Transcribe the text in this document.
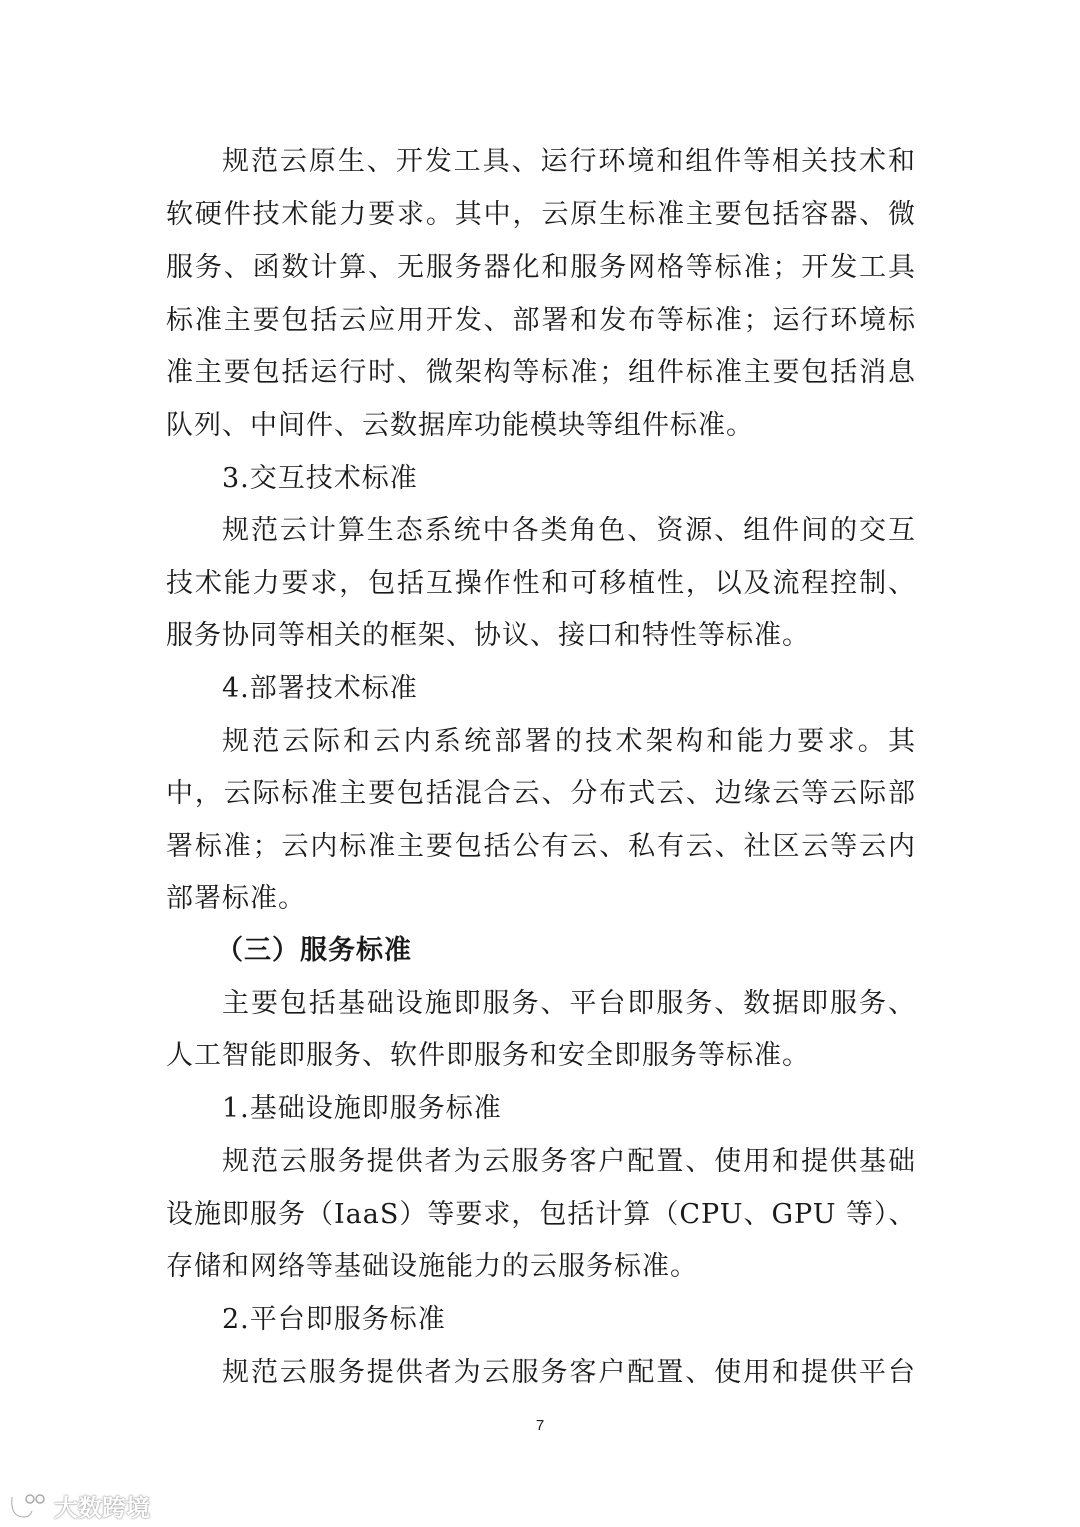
规范云原生、开发工具、运行环境和组件等相关技术和
软硬件技术能力要求。其中，云原生标准主要包括容器、微
服务、函数计算、无服务器化和服务网格等标准；开发工具
标准主要包括云应用开发、部署和发布等标准；运行环境标
准主要包括运行时、微架构等标准；组件标准主要包括消息
队列、中间件、云数据库功能模块等组件标准。
3.交互技术标准
规范云计算生态系统中各类角色、资源、组件间的交互
技术能力要求，包括互操作性和可移植性，以及流程控制、
服务协同等相关的框架、协议、接口和特性等标准。
4.部署技术标准
规范云际和云内系统部署的技术架构和能力要求。其
中，云际标准主要包括混合云、分布式云、边缘云等云际部
署标准；云内标准主要包括公有云、私有云、社区云等云内
部署标准。
（三）服务标准
主要包括基础设施即服务、平台即服务、数据即服务、
人工智能即服务、软件即服务和安全即服务等标准。
1.基础设施即服务标准
规范云服务提供者为云服务客户配置、使用和提供基础
设施即服务（IaaS）等要求，包括计算（CPU、GPU 等）、
存储和网络等基础设施能力的云服务标准。
2.平台即服务标准
规范云服务提供者为云服务客户配置、使用和提供平台
7
大数跨境
